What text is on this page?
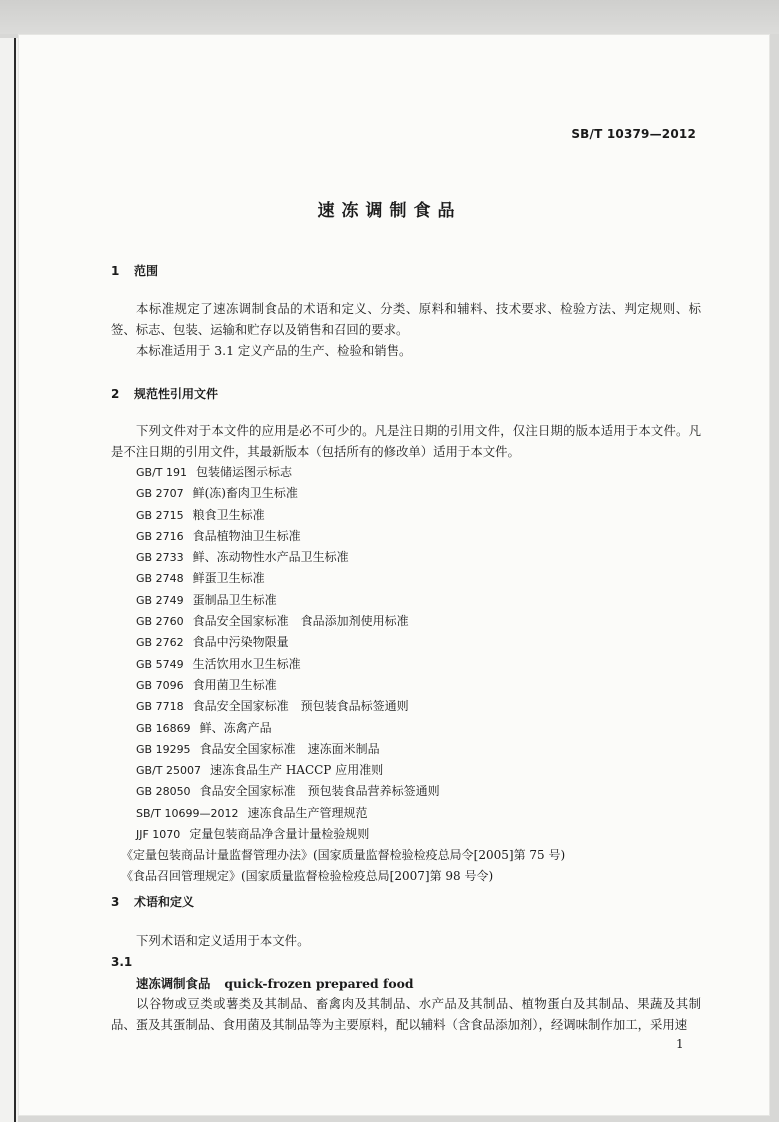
SB/T 10379—2012
速冻调制食品
1 范围
本标准规定了速冻调制食品的术语和定义、分类、原料和辅料、技术要求、检验方法、判定规则、标签、标志、包装、运输和贮存以及销售和召回的要求。
本标准适用于 3.1 定义产品的生产、检验和销售。
2 规范性引用文件
下列文件对于本文件的应用是必不可少的。凡是注日期的引用文件，仅注日期的版本适用于本文件。凡是不注日期的引用文件，其最新版本（包括所有的修改单）适用于本文件。
GB/T 191 包装储运图示标志
GB 2707 鲜(冻)畜肉卫生标准
GB 2715 粮食卫生标准
GB 2716 食品植物油卫生标准
GB 2733 鲜、冻动物性水产品卫生标准
GB 2748 鲜蛋卫生标准
GB 2749 蛋制品卫生标准
GB 2760 食品安全国家标准　食品添加剂使用标准
GB 2762 食品中污染物限量
GB 5749 生活饮用水卫生标准
GB 7096 食用菌卫生标准
GB 7718 食品安全国家标准　预包装食品标签通则
GB 16869 鲜、冻禽产品
GB 19295 食品安全国家标准　速冻面米制品
GB/T 25007 速冻食品生产 HACCP 应用准则
GB 28050 食品安全国家标准　预包装食品营养标签通则
SB/T 10699—2012 速冻食品生产管理规范
JJF 1070 定量包装商品净含量计量检验规则
《定量包装商品计量监督管理办法》(国家质量监督检验检疫总局令[2005]第 75 号)
《食品召回管理规定》(国家质量监督检验检疫总局[2007]第 98 号令)
3 术语和定义
下列术语和定义适用于本文件。
3.1
速冻调制食品 quick-frozen prepared food
以谷物或豆类或薯类及其制品、畜禽肉及其制品、水产品及其制品、植物蛋白及其制品、果蔬及其制品、蛋及其蛋制品、食用菌及其制品等为主要原料，配以辅料（含食品添加剂），经调味制作加工，采用速
1
